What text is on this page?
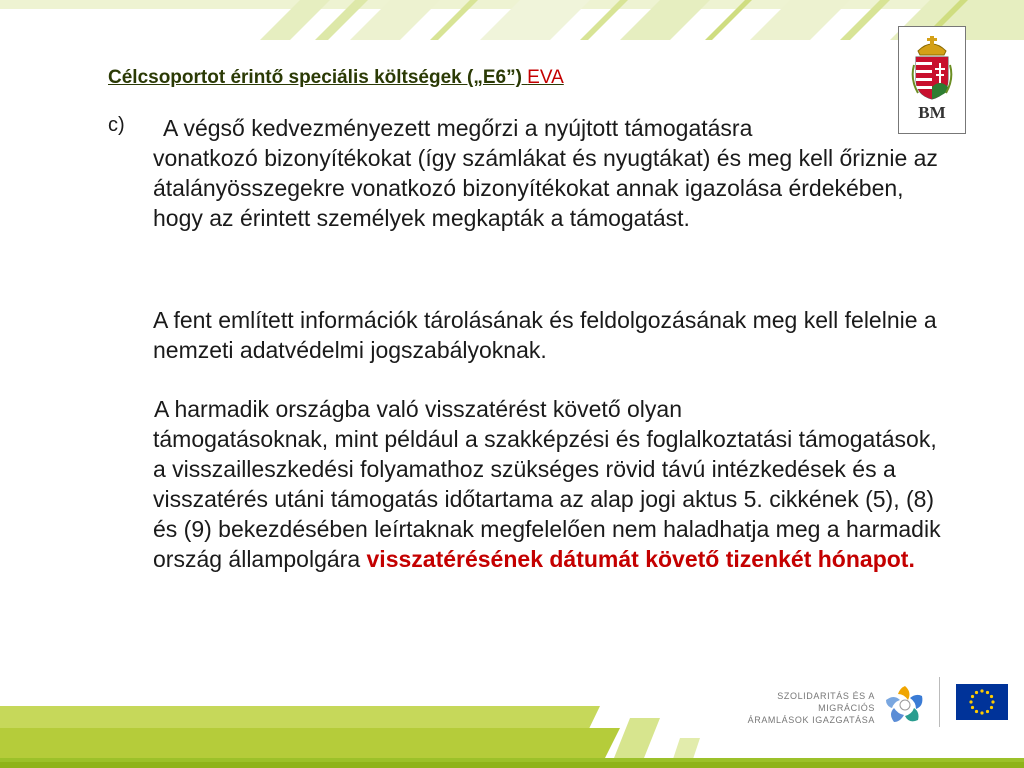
Célcsoportot érintő speciális költségek („E6”) EVA
BM
c)	A végső kedvezményezett megőrzi a nyújtott támogatásra
vonatkozó bizonyítékokat (így számlákat és nyugtákat) és meg kell őriznie az átalányösszegekre vonatkozó bizonyítékokat annak igazolása érdekében, hogy az érintett személyek megkapták a támogatást.
A fent említett információk tárolásának és feldolgozásának meg kell felelnie a nemzeti adatvédelmi jogszabályoknak.
A harmadik országba való visszatérést követő olyan
támogatásoknak, mint például a szakképzési és foglalkoztatási támogatások, a visszailleszkedési folyamathoz szükséges rövid távú intézkedések és a visszatérés utáni támogatás időtartama az alap jogi aktus 5. cikkének (5), (8) és (9) bekezdésében leírtaknak megfelelően nem haladhatja meg a harmadik ország állampolgára visszatérésének dátumát követő tizenkét hónapot.
SZOLIDARITÁS ÉS A MIGRÁCIÓS
ÁRAMLÁSOK IGAZGATÁSA
